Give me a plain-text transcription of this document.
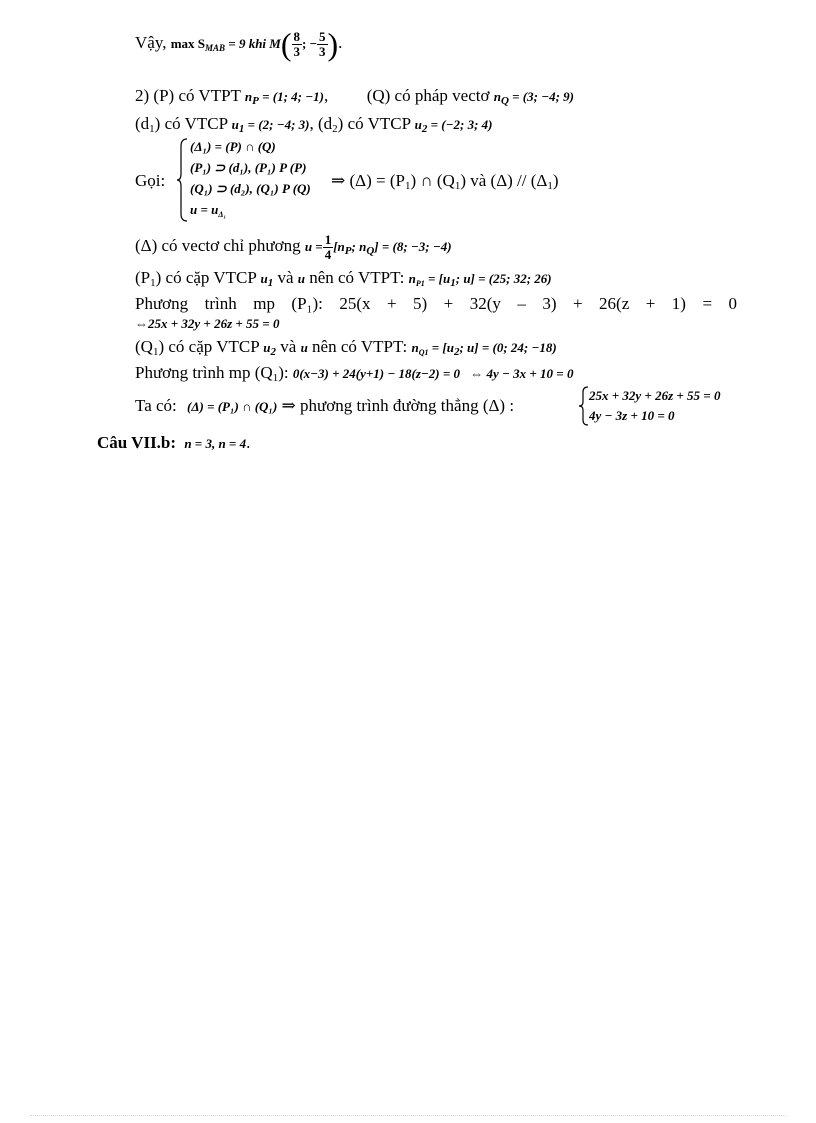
Vậy, $\max S_{MAB} = 9$ khi $M( \frac{8}{3}$ ; − $\frac{5}{3}$ ).
2) (P) có VTPT $n_P = (1$; 4; −1), (Q) có pháp vectơ $n_Q = (3$; −4; 9)
$(d_1)$ có VTCP $u_1 = (2$; −4; 3), $(d_2)$ có VTCP $u_2 = (-2$; 3; 4)
Gọi:
(Δ₁) = (P) ∩ (Q)
(P₁) ⊃ (d₁), (P₁) P (P)
(Q₁) ⊃ (d₂), (Q₁) P (Q)
$u = u_{\Delta_1}$
⇒ $(\Delta) = (P_1)$ ∩ $(Q_1)$ và $(\Delta) // (\Delta_1)$
(Δ) có vectơ chỉ phương $u = \frac{1}{4} [n_P$; $n_Q] = (8$; −3; −4)
$(P_1)$ có cặp VTCP $u_1$ và u nên có VTPT: $n_{P1} = [u_1$; u] = (25; 32; 26)
Phương trình mp (P₁): 25(x + 5) + 32(y – 3) + 26(z + 1) = 0
⇔25x + 32y + 26z + 55 = 0
$(Q_1)$ có cặp VTCP $u_2$ và u nên có VTPT: $n_{Q1} = [u_2$; u] = (0; 24; −18)
Phương trình mp $(Q_1)$: 0(x−3) + 24(y+1) − 18(z−2) = 0 ⇔ 4y − 3x + 10 = 0
Ta có: (Δ) = (P₁) ∩ (Q₁) ⇒ phương trình đường thẳng (Δ) :
25x + 32y + 26z + 55 = 0
4y − 3z + 10 = 0
Câu VII.b: n = 3, n = 4.
